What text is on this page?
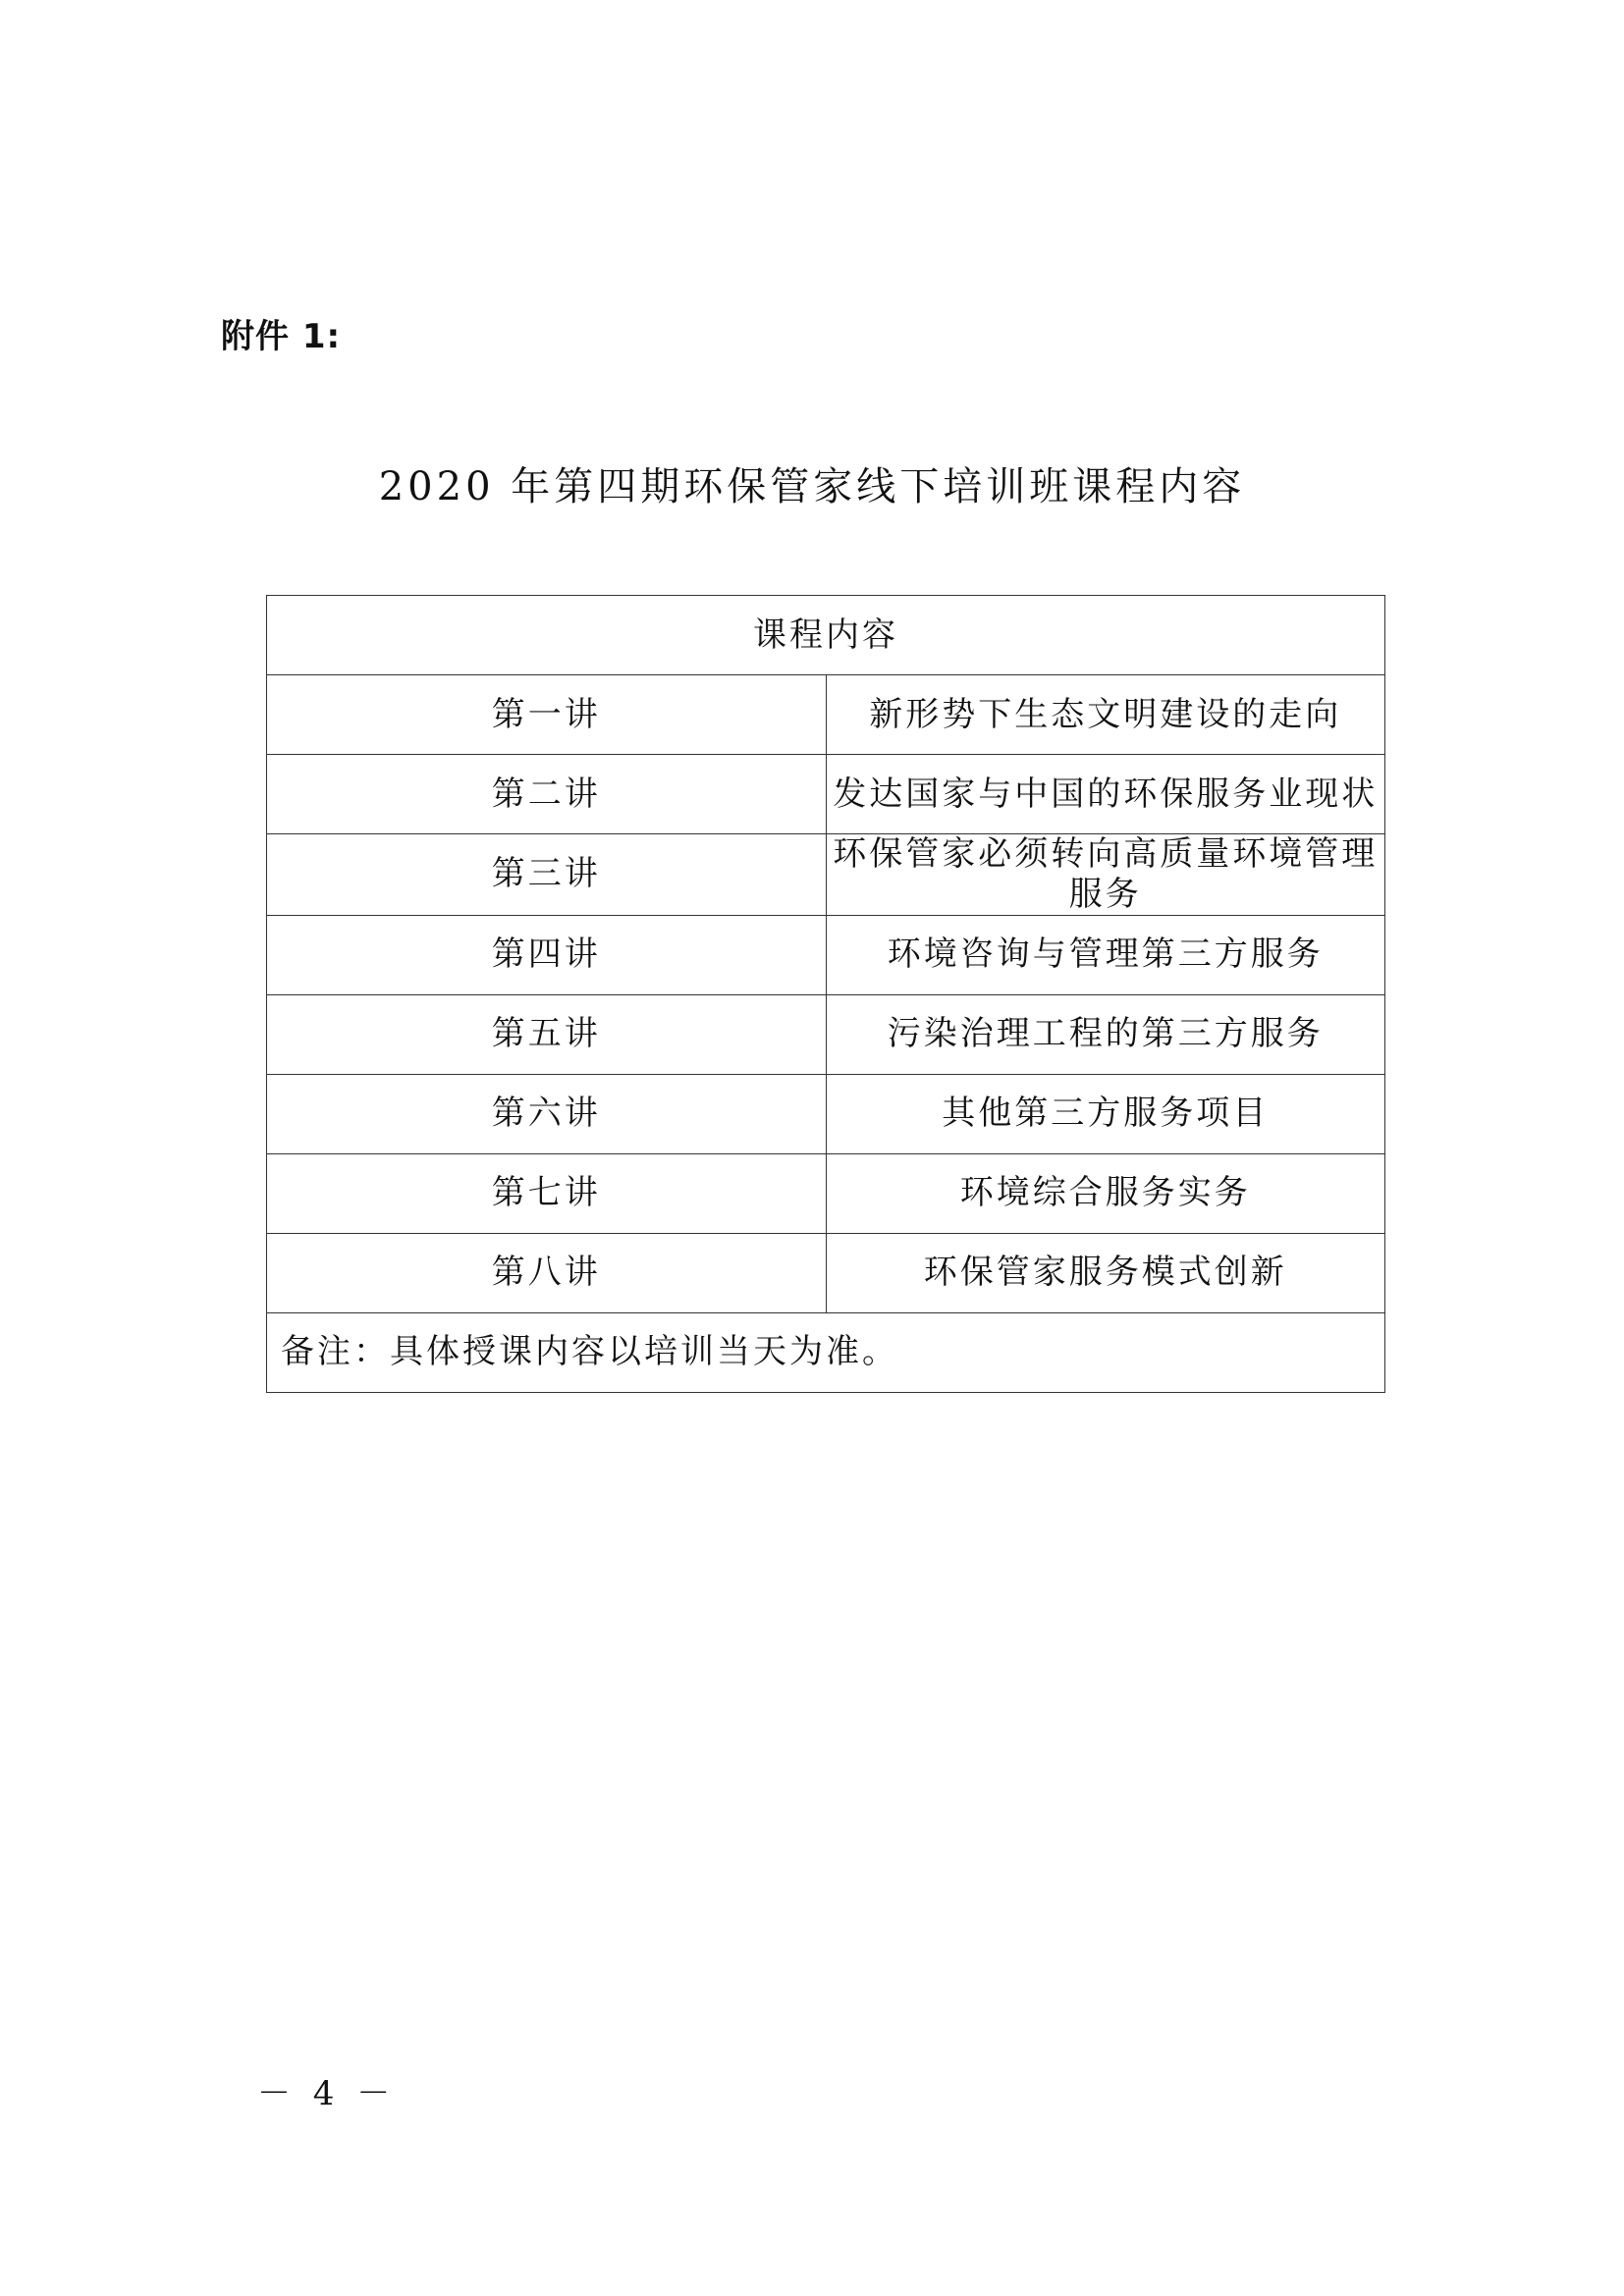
附件 1:
2020 年第四期环保管家线下培训班课程内容
课程内容	
第一讲	新形势下生态文明建设的走向
第二讲	发达国家与中国的环保服务业现状
第三讲	环保管家必须转向高质量环境管理服务
第四讲	环境咨询与管理第三方服务
第五讲	污染治理工程的第三方服务
第六讲	其他第三方服务项目
第七讲	环境综合服务实务
第八讲	环保管家服务模式创新
备注：具体授课内容以培训当天为准。	
－ 4 －
